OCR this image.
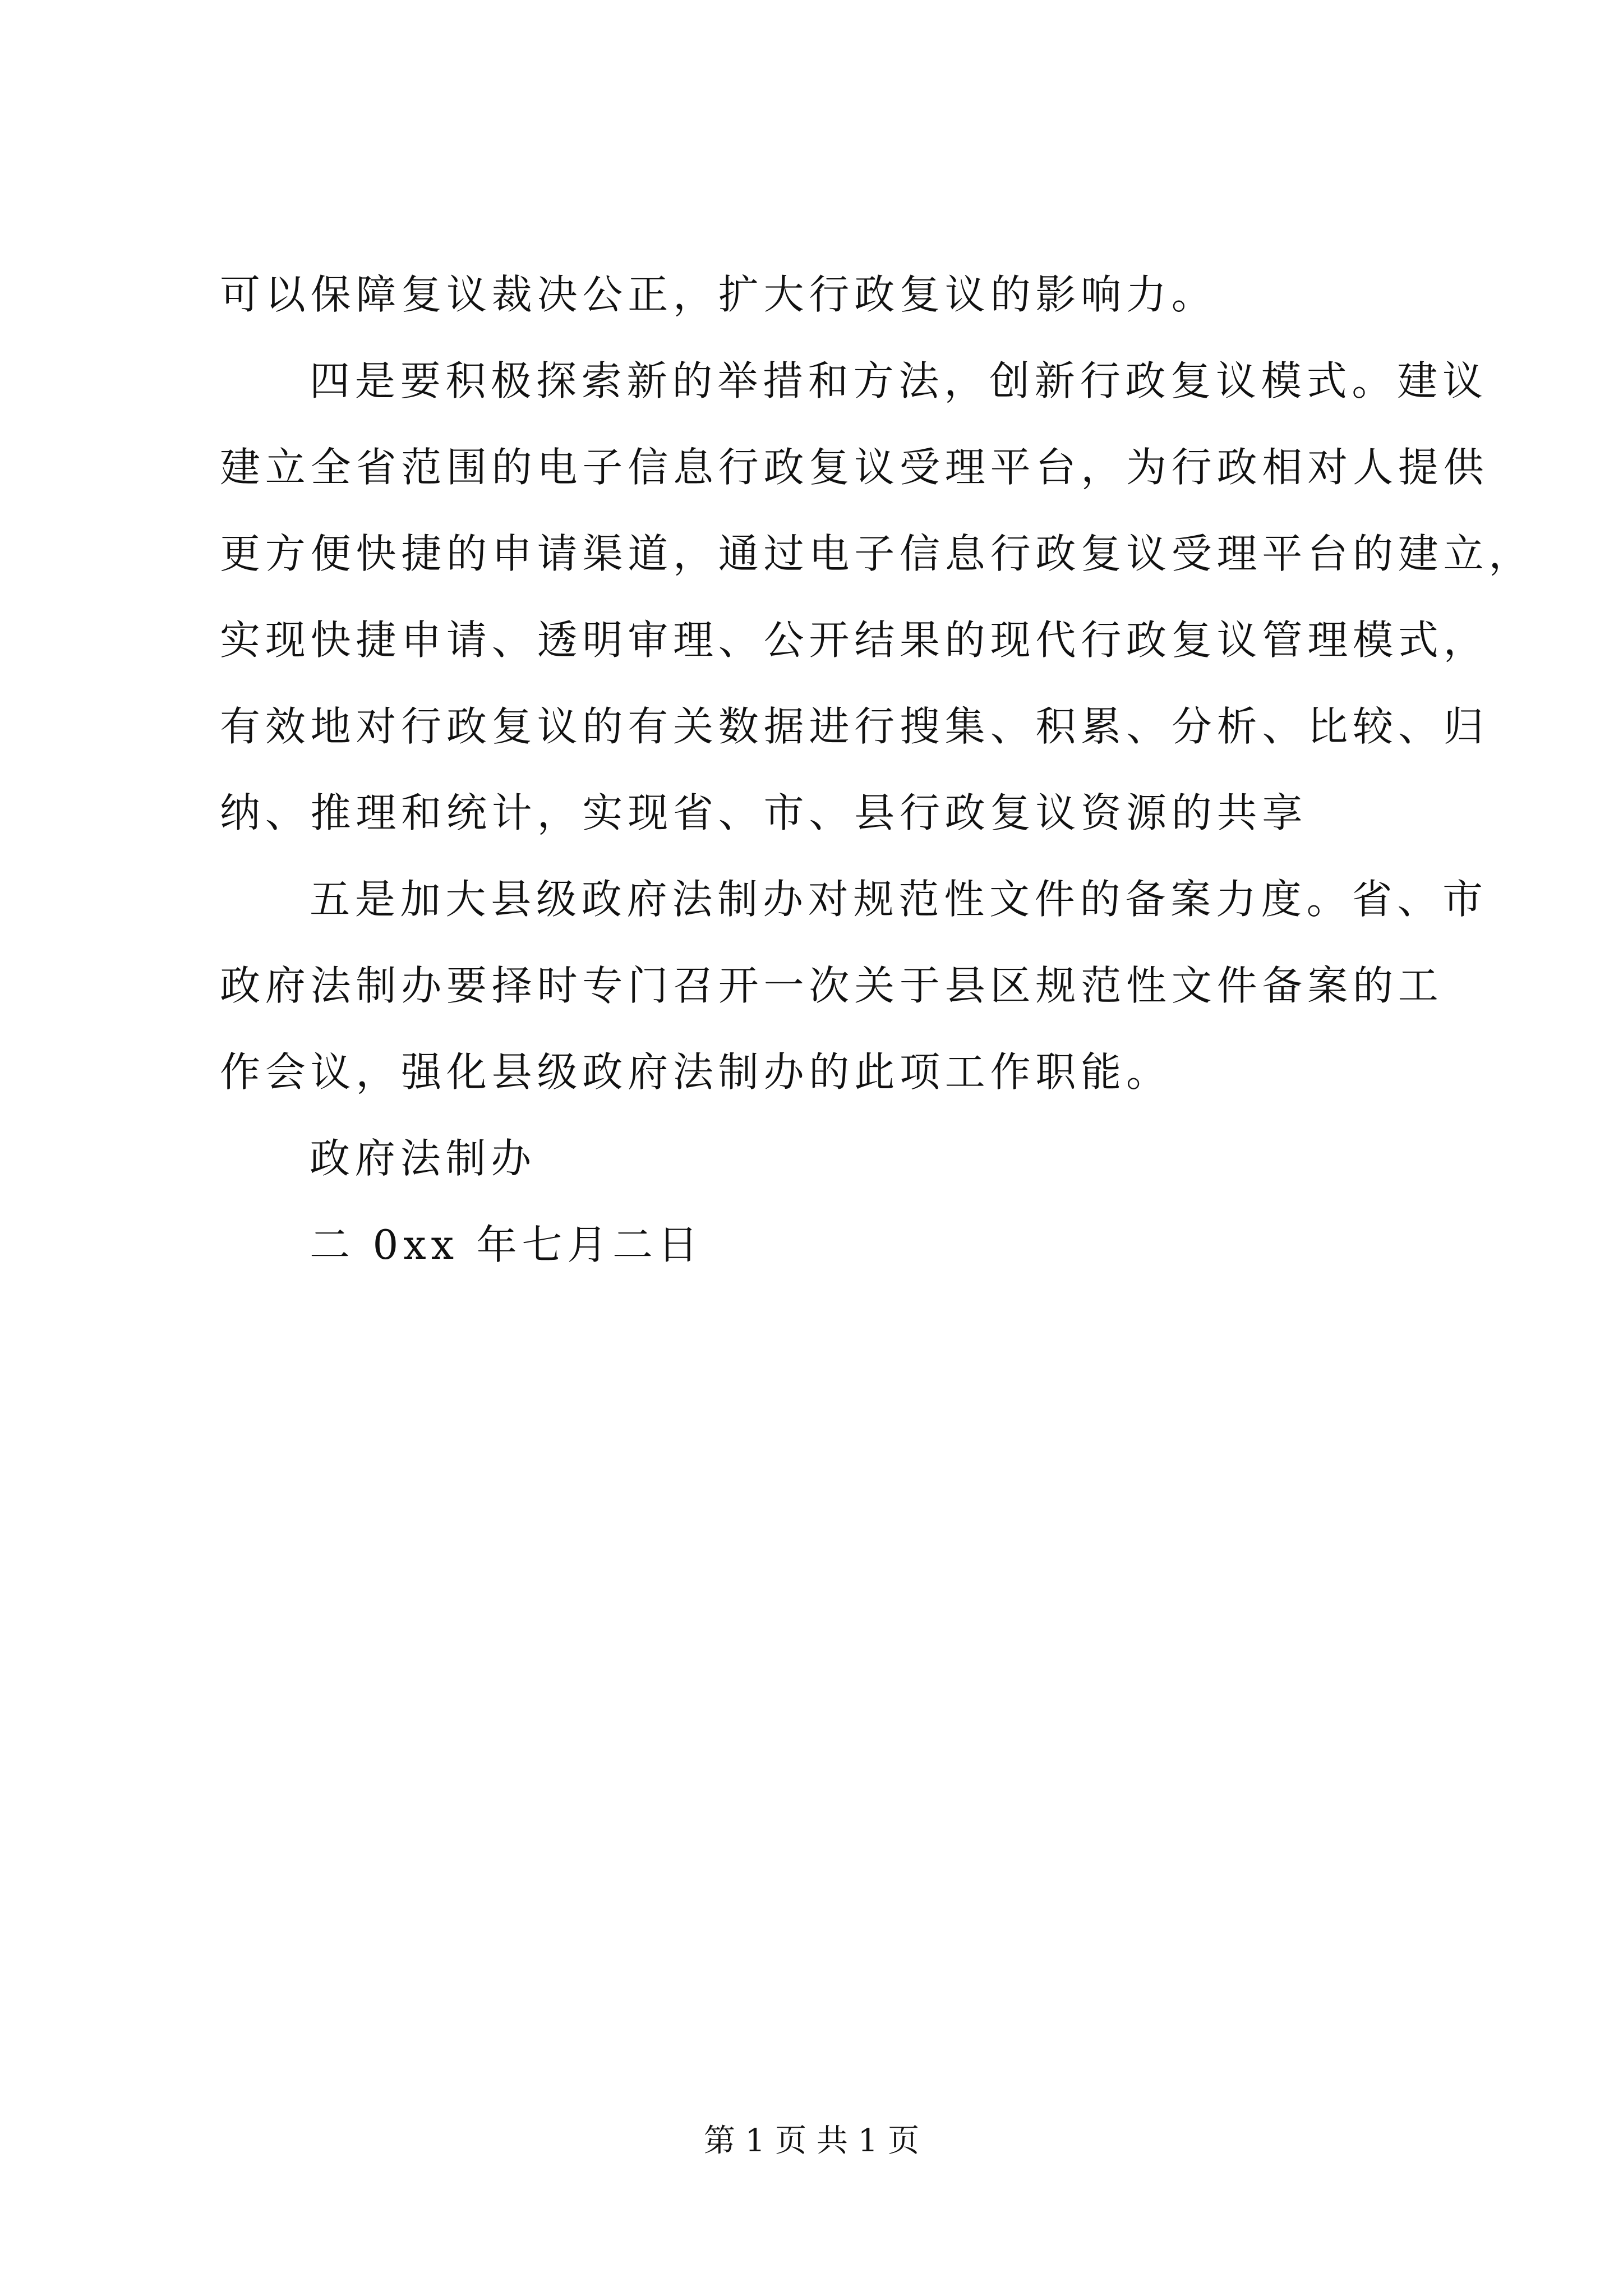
可以保障复议裁决公正，扩大行政复议的影响力。
四是要积极探索新的举措和方法，创新行政复议模式。建议
建立全省范围的电子信息行政复议受理平台，为行政相对人提供
更方便快捷的申请渠道，通过电子信息行政复议受理平台的建立，
实现快捷申请、透明审理、公开结果的现代行政复议管理模式，
有效地对行政复议的有关数据进行搜集、积累、分析、比较、归
纳、推理和统计，实现省、市、县行政复议资源的共享
五是加大县级政府法制办对规范性文件的备案力度。省、市
政府法制办要择时专门召开一次关于县区规范性文件备案的工
作会议，强化县级政府法制办的此项工作职能。
政府法制办
二 0xx 年七月二日
第 1 页 共 1 页
